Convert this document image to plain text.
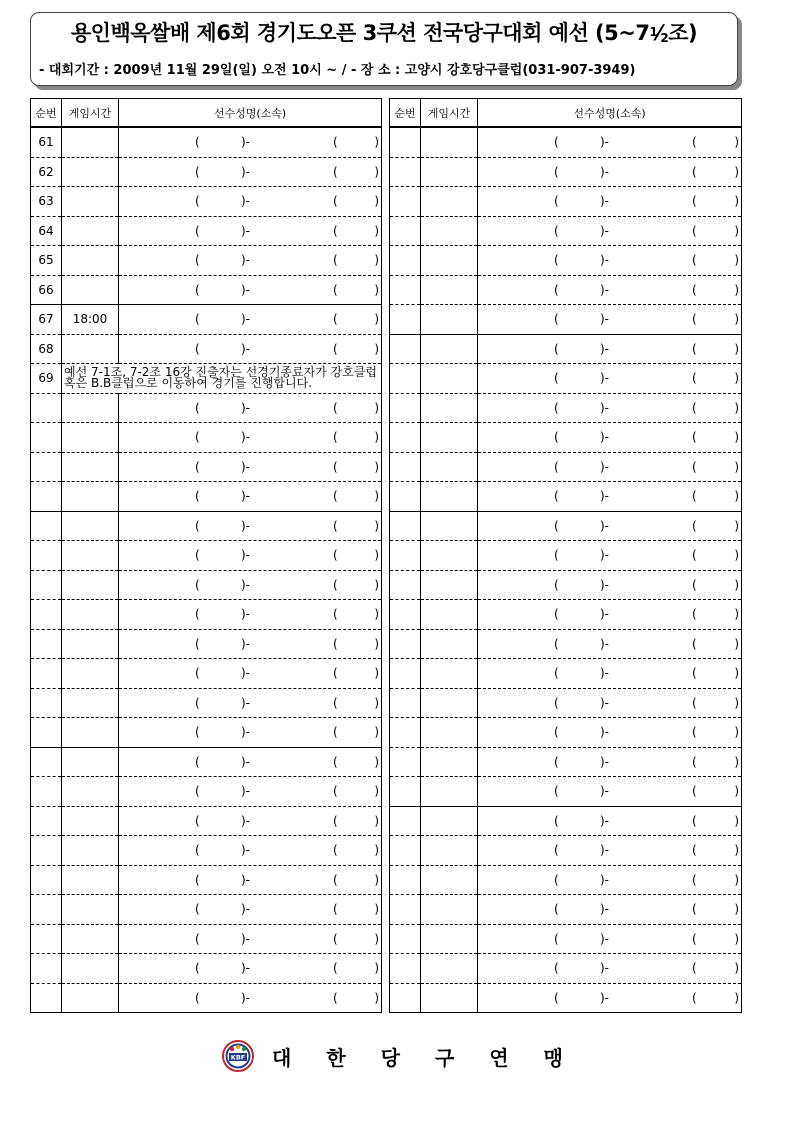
용인백옥쌀배 제6회 경기도오픈 3쿠션 전국당구대회 예선 (5~71⁄2조)
- 대회기간 : 2009년 11월 29일(일) 오전 10시 ~ / - 장 소 : 고양시 강호당구클럽(031-907-3949)
순번	게임시간	선수성명(소속)
61		( )- ( )

62		( )- ( )

63		( )- ( )

64		( )- ( )

65		( )- ( )

66		( )- ( )

67	18:00	( )- ( )

68		( )- ( )

69	예선 7-1조, 7-2조 16강 진출자는 선경기종료자가 강호클럽
혹은 B.B클럽으로 이동하여 경기를 진행합니다.	

		( )- ( )

		( )- ( )

		( )- ( )

		( )- ( )

		( )- ( )

		( )- ( )

		( )- ( )

		( )- ( )

		( )- ( )

		( )- ( )

		( )- ( )

		( )- ( )

		( )- ( )

		( )- ( )

		( )- ( )

		( )- ( )

		( )- ( )

		( )- ( )

		( )- ( )

		( )- ( )

		( )- ( )
순번	게임시간	선수성명(소속)

		( )- ( )

		( )- ( )

		( )- ( )

		( )- ( )

		( )- ( )

		( )- ( )

		( )- ( )

		( )- ( )

		( )- ( )

		( )- ( )

		( )- ( )

		( )- ( )

		( )- ( )

		( )- ( )

		( )- ( )

		( )- ( )

		( )- ( )

		( )- ( )

		( )- ( )

		( )- ( )

		( )- ( )

		( )- ( )

		( )- ( )

		( )- ( )

		( )- ( )

		( )- ( )

		( )- ( )

		( )- ( )

		( )- ( )

		( )- ( )
KBF 대한당구연맹
